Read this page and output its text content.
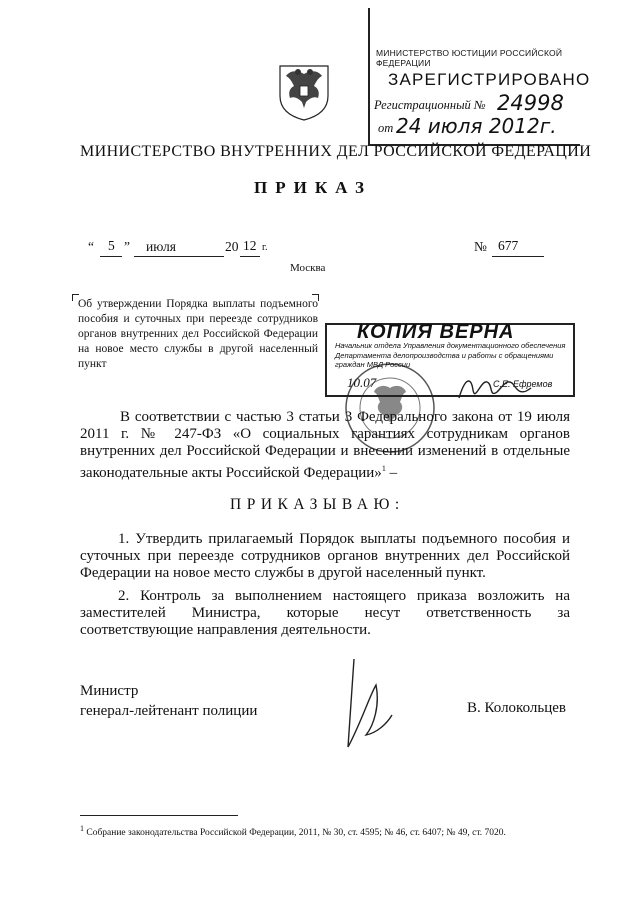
МИНИСТЕРСТВО ЮСТИЦИИ РОССИЙСКОЙ ФЕДЕРАЦИИ
ЗАРЕГИСТРИРОВАНО
Регистрационный № 24998
от 24 июля 2012г.
МИНИСТЕРСТВО ВНУТРЕННИХ ДЕЛ РОССИЙСКОЙ ФЕДЕРАЦИИ
ПРИКАЗ
“ 5 ” июля	20 12 г.	№ 677
Москва
Об утверждении Порядка выплаты подъемного пособия и суточных при переезде сотрудников органов внутренних дел Российской Федерации на новое место службы в другой населенный пункт
КОПИЯ ВЕРНА
Начальник отдела Управления документационного обеспечения Департамента делопроизводства и работы с обращениями граждан МВД России
10.07	С.Е. Ефремов
В соответствии с частью 3 статьи 3 Федерального закона от 19 июля 2011 г. № 247-ФЗ «О социальных гарантиях сотрудникам органов внутренних дел Российской Федерации и внесении изменений в отдельные законодательные акты Российской Федерации»$^1$ –
ПРИКАЗЫВАЮ:
1. Утвердить прилагаемый Порядок выплаты подъемного пособия и суточных при переезде сотрудников органов внутренних дел Российской Федерации на новое место службы в другой населенный пункт.
2. Контроль за выполнением настоящего приказа возложить на заместителей Министра, которые несут ответственность за соответствующие направления деятельности.
Министр
генерал-лейтенант полиции	В. Колокольцев
$^1$ Собрание законодательства Российской Федерации, 2011, № 30, ст. 4595; № 46, ст. 6407; № 49, ст. 7020.
